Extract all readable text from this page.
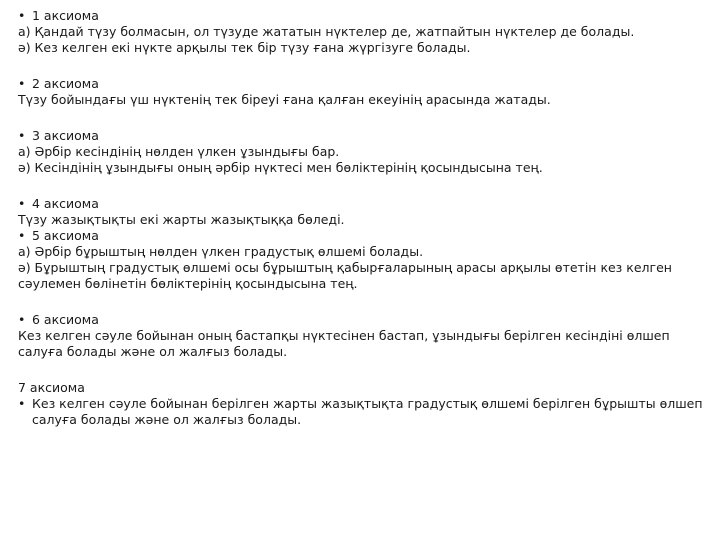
• 1 аксиома
а) Қандай түзу болмасын, ол түзуде жататын нүктелер де, жатпайтын нүктелер де болады.
ә) Кез келген екі нүкте арқылы тек бір түзу ғана жүргізуге болады.
• 2 аксиома
Түзу бойындағы үш нүктенің тек біреуі ғана қалған екеуінің арасында жатады.
• 3 аксиома
а) Әрбір кесіндінің нөлден үлкен ұзындығы бар.
ә) Кесіндінің ұзындығы оның әрбір нүктесі мен бөліктерінің қосындысына тең.
• 4 аксиома
Түзу жазықтықты екі жарты жазықтыққа бөледі.
• 5 аксиома
а) Әрбір бұрыштың нөлден үлкен градустық өлшемі болады.
ә) Бұрыштың градустық өлшемі осы бұрыштың қабырғаларының арасы арқылы өтетін кез келген сәулемен бөлінетін бөліктерінің қосындысына тең.
• 6 аксиома
Кез келген сәуле бойынан оның бастапқы нүктесінен бастап, ұзындығы берілген кесіндіні өлшеп салуға болады және ол жалғыз болады.
7 аксиома
• Кез келген сәуле бойынан берілген жарты жазықтықта градустық өлшемі берілген бұрышты өлшеп салуға болады және ол жалғыз болады.
